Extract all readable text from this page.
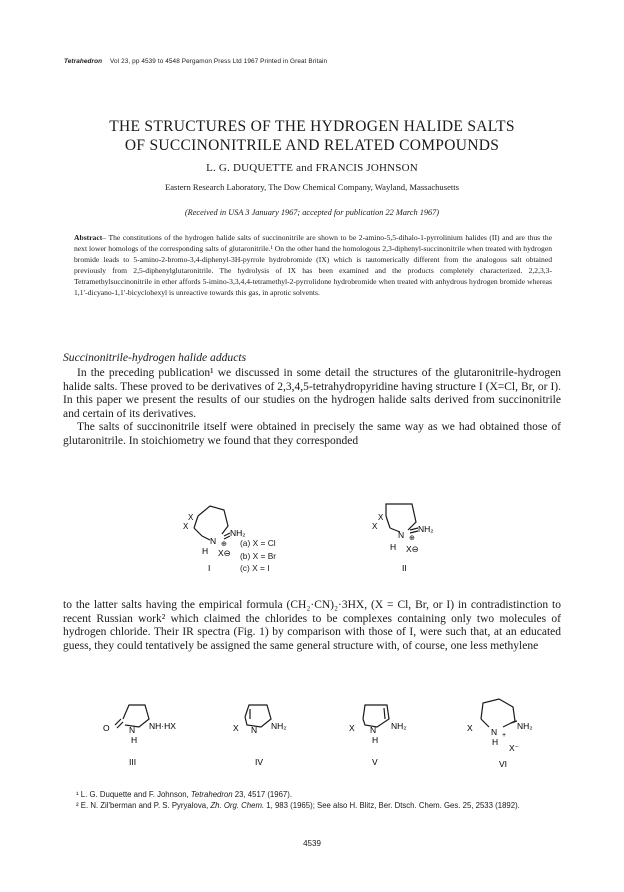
Tetrahedron Vol 23, pp 4539 to 4548 Pergamon Press Ltd 1967 Printed in Great Britain
THE STRUCTURES OF THE HYDROGEN HALIDE SALTS
OF SUCCINONITRILE AND RELATED COMPOUNDS
L. G. DUQUETTE and FRANCIS JOHNSON
Eastern Research Laboratory, The Dow Chemical Company, Wayland, Massachusetts
(Received in USA 3 January 1967; accepted for publication 22 March 1967)
Abstract– The constitutions of the hydrogen halide salts of succinonitrile are shown to be 2-amino-5,5-dihalo-1-pyrrolinium halides (II) and are thus the next lower homologs of the corresponding salts of glutaronitrile.¹ On the other hand the homologous 2,3-diphenyl-succinonitrile when treated with hydrogen bromide leads to 5-amino-2-bromo-3,4-diphenyl-3H-pyrrole hydrobromide (IX) which is tautomerically different from the analogous salt obtained previously from 2,5-diphenylglutaronitrile. The hydrolysis of IX has been examined and the products completely characterized. 2,2,3,3-Tetramethylsuccinonitrile in ether affords 5-imino-3,3,4,4-tetramethyl-2-pyrrolidone hydrobromide when treated with anhydrous hydrogen bromide whereas 1,1′-dicyano-1,1′-bicyclohexyl is unreactive towards this gas, in aprotic solvents.
Succinonitrile-hydrogen halide adducts
In the preceding publication¹ we discussed in some detail the structures of the glutaronitrile-hydrogen halide salts. These proved to be derivatives of 2,3,4,5-tetrahydropyridine having structure I (X=Cl, Br, or I). In this paper we present the results of our studies on the hydrogen halide salts derived from succinonitrile and certain of its derivatives.
The salts of succinonitrile itself were obtained in precisely the same way as we had obtained those of glutaronitrile. In stoichiometry we found that they corresponded
X
X
N ⊕
NH₂
H X⊖
I
X
X
N ⊕
NH₂
H X⊖
II
(a) X = Cl
(b) X = Br
(c) X = I
to the latter salts having the empirical formula (CH₂·CN)₂·3HX, (X = Cl, Br, or I) in contradistinction to recent Russian work² which claimed the chlorides to be complexes containing only two molecules of hydrogen chloride. Their IR spectra (Fig. 1) by comparison with those of I, were such that, at an educated guess, they could tentatively be assigned the same general structure with, of course, one less methylene
O N NH·HX
H
III
X N NH₂
IV
X N NH₂
H
V
X N +
NH₂
H
X⁻
VI
¹ L. G. Duquette and F. Johnson, Tetrahedron 23, 4517 (1967).
² E. N. Zil'berman and P. S. Pyryalova, Zh. Org. Chem. 1, 983 (1965); See also H. Blitz, Ber. Dtsch. Chem. Ges. 25, 2533 (1892).
4539
